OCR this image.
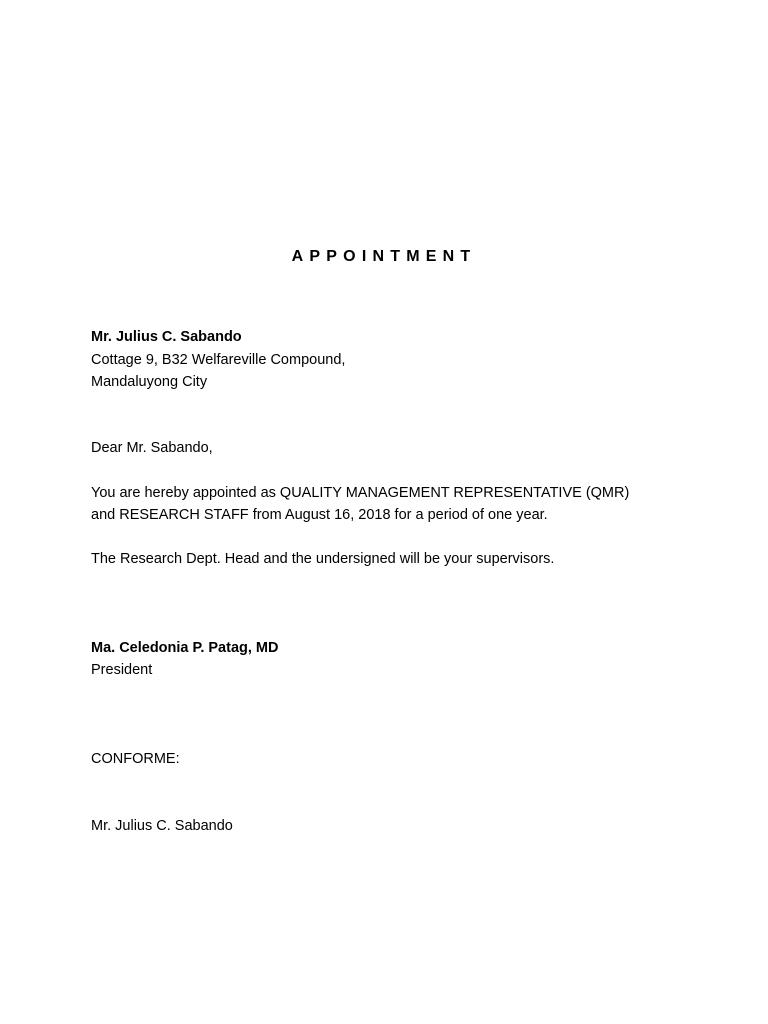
APPOINTMENT
Mr. Julius C. Sabando
Cottage 9, B32 Welfareville Compound,
Mandaluyong City
Dear Mr. Sabando,
You are hereby appointed as QUALITY MANAGEMENT REPRESENTATIVE (QMR)
and RESEARCH STAFF from August 16, 2018 for a period of one year.
The Research Dept. Head and the undersigned will be your supervisors.
Ma. Celedonia P. Patag, MD
President
CONFORME:
Mr. Julius C. Sabando
